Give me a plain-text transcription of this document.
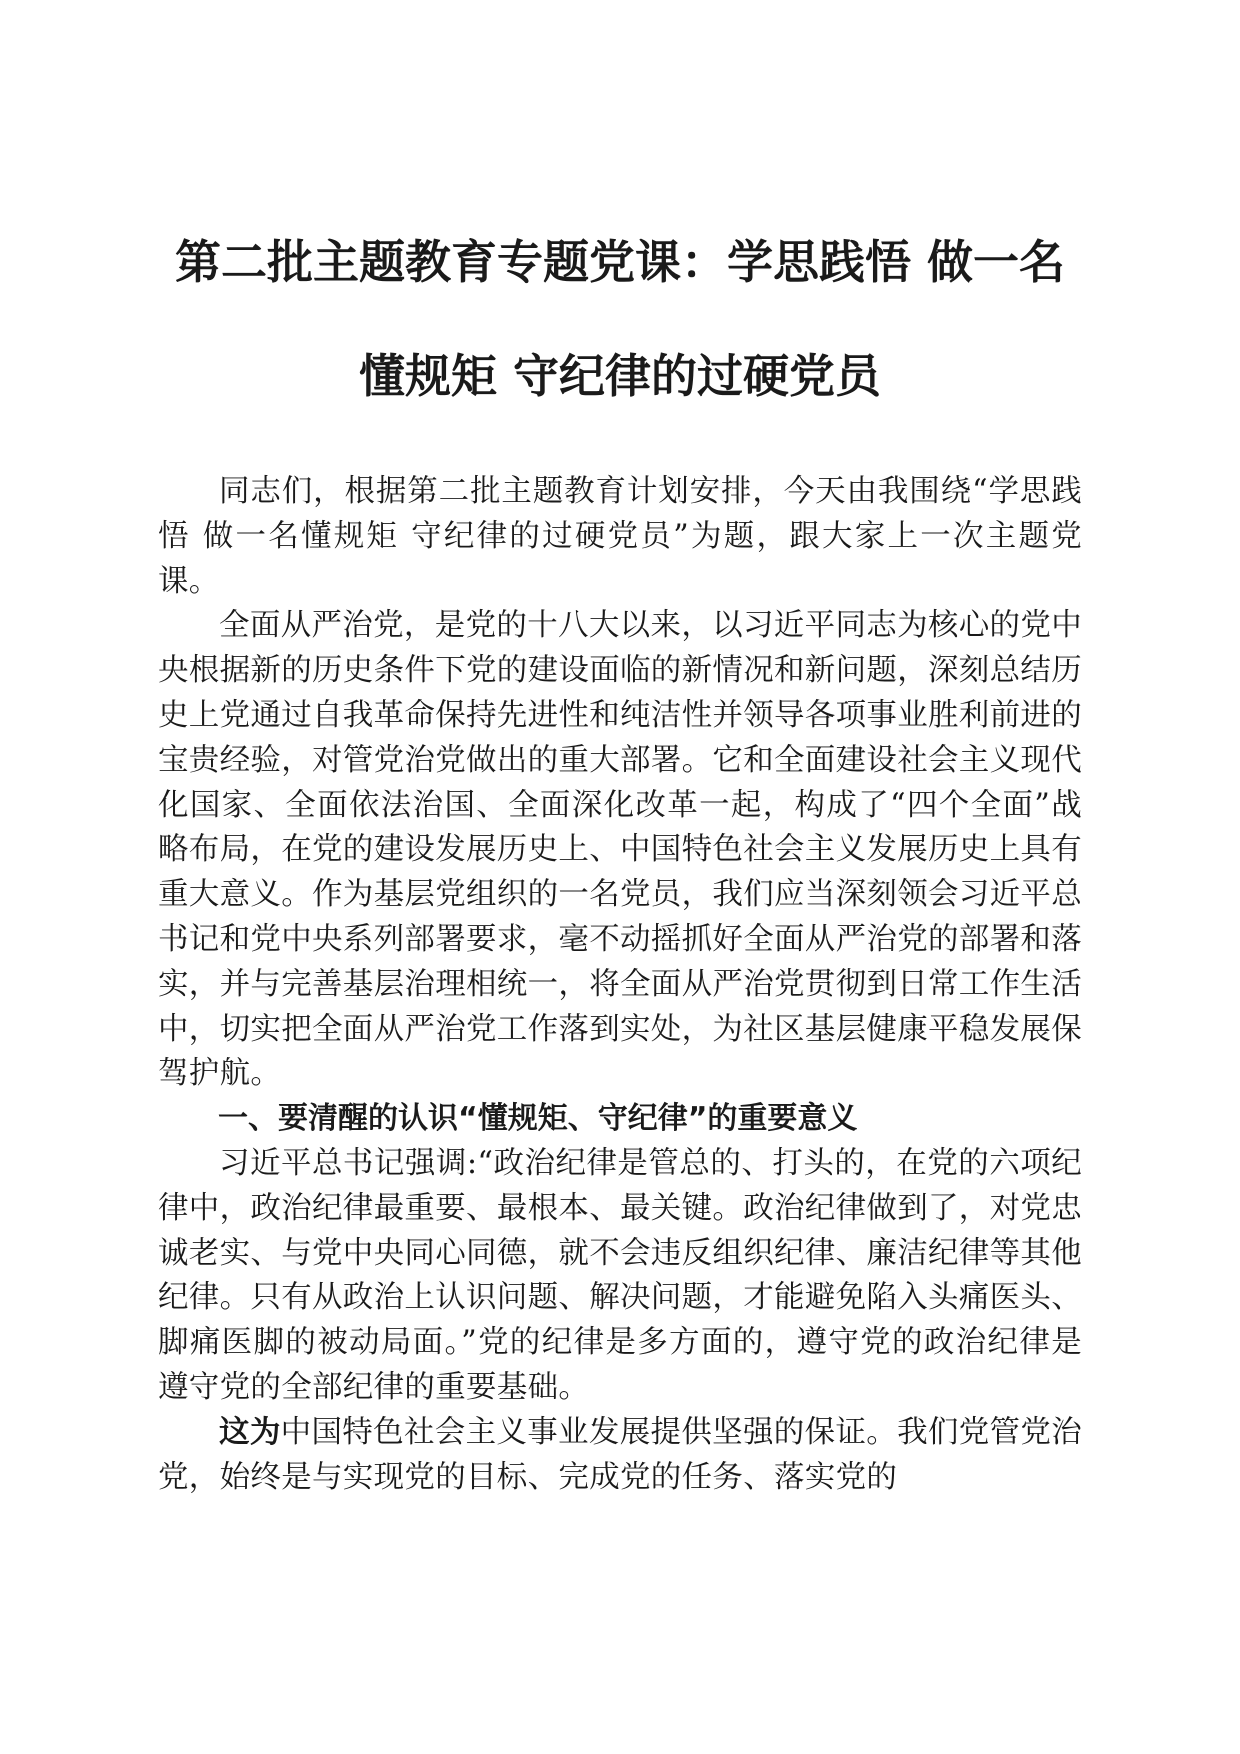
第二批主题教育专题党课：学思践悟 做一名
懂规矩 守纪律的过硬党员

同志们，根据第二批主题教育计划安排，今天由我围绕“学思践悟 做一名懂规矩 守纪律的过硬党员”为题，跟大家上一次主题党课。

全面从严治党，是党的十八大以来，以习近平同志为核心的党中央根据新的历史条件下党的建设面临的新情况和新问题，深刻总结历史上党通过自我革命保持先进性和纯洁性并领导各项事业胜利前进的宝贵经验，对管党治党做出的重大部署。它和全面建设社会主义现代化国家、全面依法治国、全面深化改革一起，构成了“四个全面”战略布局，在党的建设发展历史上、中国特色社会主义发展历史上具有重大意义。作为基层党组织的一名党员，我们应当深刻领会习近平总书记和党中央系列部署要求，毫不动摇抓好全面从严治党的部署和落实，并与完善基层治理相统一，将全面从严治党贯彻到日常工作生活中，切实把全面从严治党工作落到实处，为社区基层健康平稳发展保驾护航。

一、要清醒的认识“懂规矩、守纪律”的重要意义

习近平总书记强调:“政治纪律是管总的、打头的，在党的六项纪律中，政治纪律最重要、最根本、最关键。政治纪律做到了，对党忠诚老实、与党中央同心同德，就不会违反组织纪律、廉洁纪律等其他纪律。只有从政治上认识问题、解决问题，才能避免陷入头痛医头、脚痛医脚的被动局面。”党的纪律是多方面的，遵守党的政治纪律是遵守党的全部纪律的重要基础。

这为中国特色社会主义事业发展提供坚强的保证。我们党管党治党，始终是与实现党的目标、完成党的任务、落实党的
